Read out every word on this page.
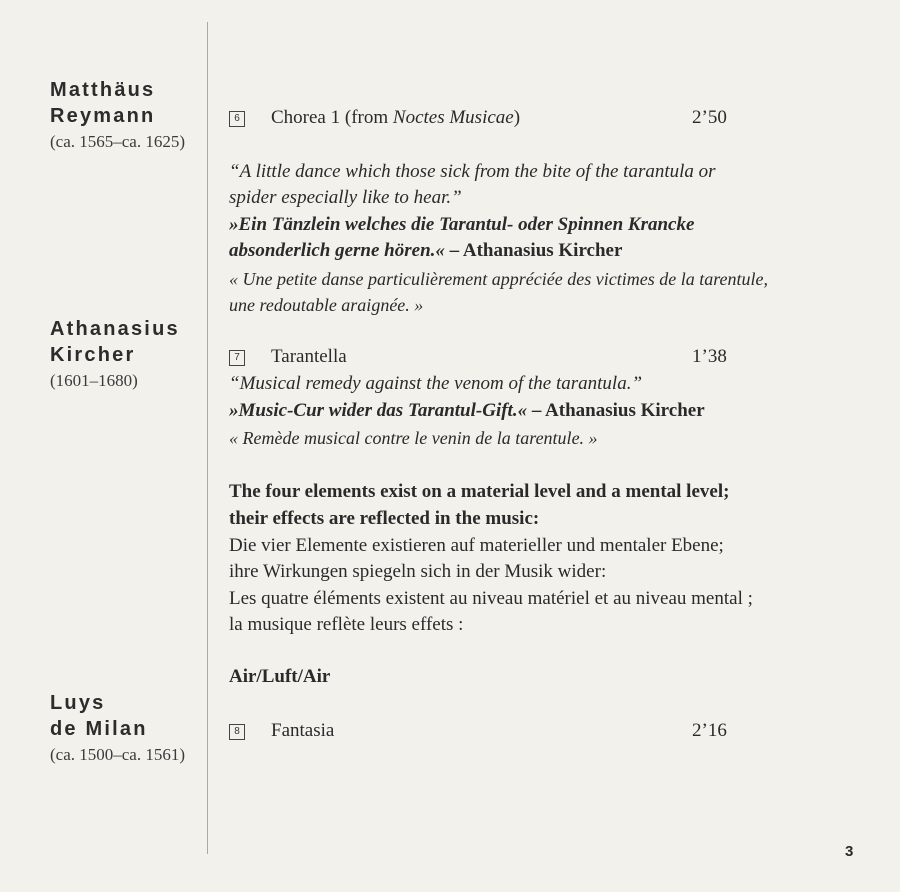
Matthäus
Reymann
(ca. 1565–ca. 1625)
Athanasius
Kircher
(1601–1680)
Luys
de Milan
(ca. 1500–ca. 1561)
6 Chorea 1 (from Noctes Musicae)	2’50
“A little dance which those sick from the bite of the tarantula or
spider especially like to hear.”
»Ein Tänzlein welches die Tarantul- oder Spinnen Krancke
absonderlich gerne hören.« – Athanasius Kircher
« Une petite danse particulièrement appréciée des victimes de la tarentule,
une redoutable araignée. »
7 Tarantella	1’38
“Musical remedy against the venom of the tarantula.”
»Music-Cur wider das Tarantul-Gift.« – Athanasius Kircher
« Remède musical contre le venin de la tarentule. »
The four elements exist on a material level and a mental level;
their effects are reflected in the music:
Die vier Elemente existieren auf materieller und mentaler Ebene;
ihre Wirkungen spiegeln sich in der Musik wider:
Les quatre éléments existent au niveau matériel et au niveau mental ;
la musique reflète leurs effets :
Air/Luft/Air
8 Fantasia	2’16
3
